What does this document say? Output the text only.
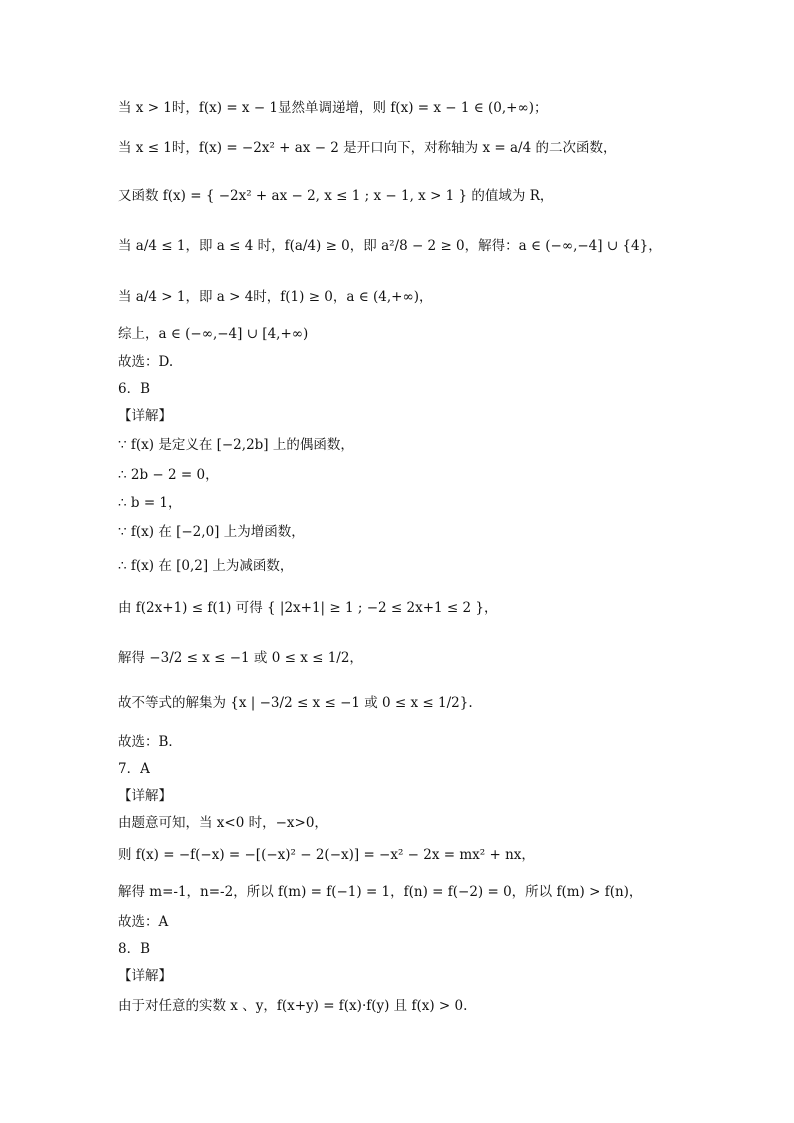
当 x > 1时，f(x) = x − 1显然单调递增，则 f(x) = x − 1 ∈ (0,+∞)；
当 x ≤ 1时，f(x) = −2x² + ax − 2 是开口向下，对称轴为 x = a/4 的二次函数，
又函数 f(x) = { −2x² + ax − 2, x ≤ 1 ; x − 1, x > 1 } 的值域为 R，
当 a/4 ≤ 1，即 a ≤ 4 时，f(a/4) ≥ 0，即 a²/8 − 2 ≥ 0，解得：a ∈ (−∞,−4] ∪ {4}，
当 a/4 > 1，即 a > 4时，f(1) ≥ 0，a ∈ (4,+∞)，
综上，a ∈ (−∞,−4] ∪ [4,+∞)
故选：D.
6．B
【详解】
∵ f(x) 是定义在 [−2,2b] 上的偶函数，
∴ 2b − 2 = 0，
∴ b = 1，
∵ f(x) 在 [−2,0] 上为增函数，
∴ f(x) 在 [0,2] 上为减函数，
由 f(2x+1) ≤ f(1) 可得 { |2x+1| ≥ 1 ; −2 ≤ 2x+1 ≤ 2 }，
解得 −3/2 ≤ x ≤ −1 或 0 ≤ x ≤ 1/2，
故不等式的解集为 {x | −3/2 ≤ x ≤ −1 或 0 ≤ x ≤ 1/2}.
故选：B．
7．A
【详解】
由题意可知，当 x<0 时，−x>0，
则 f(x) = −f(−x) = −[(−x)² − 2(−x)] = −x² − 2x = mx² + nx，
解得 m=-1，n=-2，所以 f(m) = f(−1) = 1，f(n) = f(−2) = 0，所以 f(m) > f(n)，
故选：A
8．B
【详解】
由于对任意的实数 x 、y，f(x+y) = f(x)·f(y) 且 f(x) > 0.
